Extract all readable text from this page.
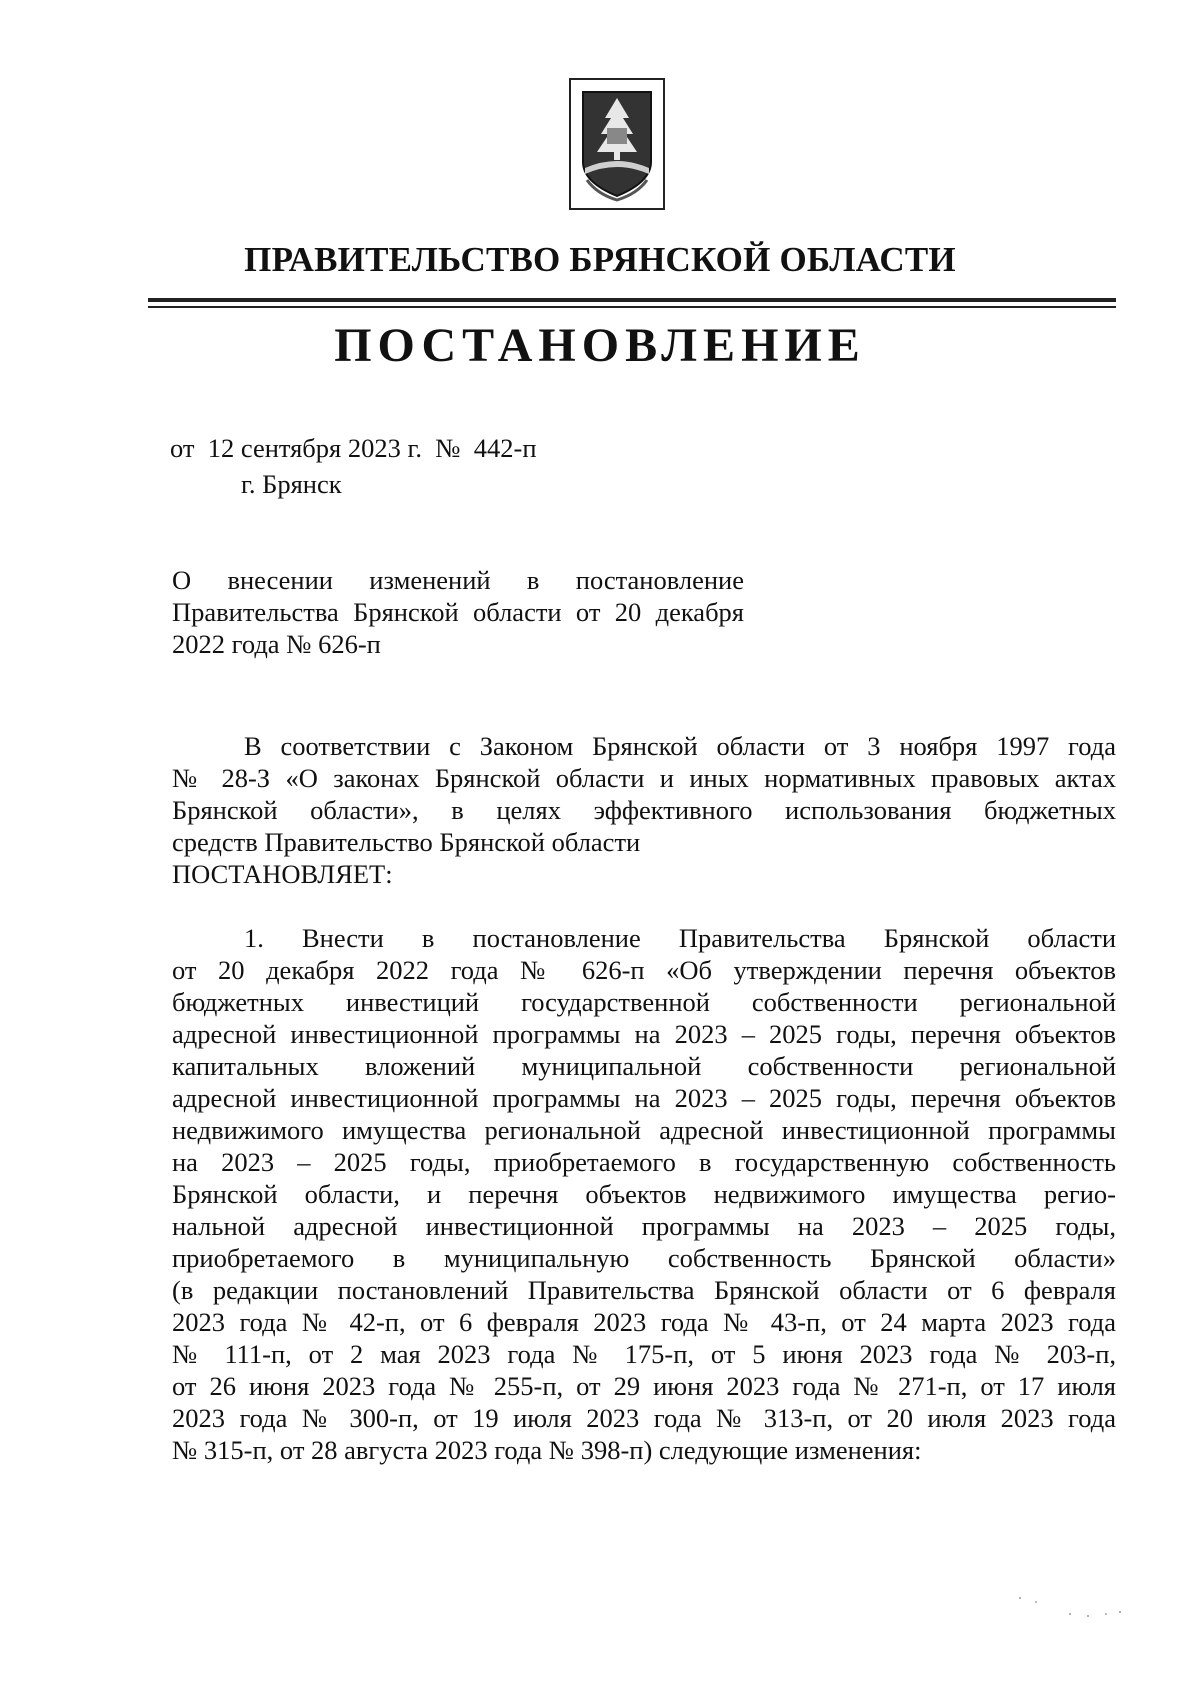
ПРАВИТЕЛЬСТВО БРЯНСКОЙ ОБЛАСТИ
ПОСТАНОВЛЕНИЕ
от 12 сентября 2023 г. № 442-п
г. Брянск
О внесении изменений в постановление
Правительства Брянской области от 20 декабря
2022 года № 626-п
В соответствии с Законом Брянской области от 3 ноября 1997 года
№ 28-З «О законах Брянской области и иных нормативных правовых актах
Брянской области», в целях эффективного использования бюджетных
средств Правительство Брянской области
ПОСТАНОВЛЯЕТ:
1. Внести в постановление Правительства Брянской области
от 20 декабря 2022 года № 626-п «Об утверждении перечня объектов
бюджетных инвестиций государственной собственности региональной
адресной инвестиционной программы на 2023 – 2025 годы, перечня объектов
капитальных вложений муниципальной собственности региональной
адресной инвестиционной программы на 2023 – 2025 годы, перечня объектов
недвижимого имущества региональной адресной инвестиционной программы
на 2023 – 2025 годы, приобретаемого в государственную собственность
Брянской области, и перечня объектов недвижимого имущества регио-
нальной адресной инвестиционной программы на 2023 – 2025 годы,
приобретаемого в муниципальную собственность Брянской области»
(в редакции постановлений Правительства Брянской области от 6 февраля
2023 года № 42-п, от 6 февраля 2023 года № 43-п, от 24 марта 2023 года
№ 111-п, от 2 мая 2023 года № 175-п, от 5 июня 2023 года № 203-п,
от 26 июня 2023 года № 255-п, от 29 июня 2023 года № 271-п, от 17 июля
2023 года № 300-п, от 19 июля 2023 года № 313-п, от 20 июля 2023 года
№ 315-п, от 28 августа 2023 года № 398-п) следующие изменения:
